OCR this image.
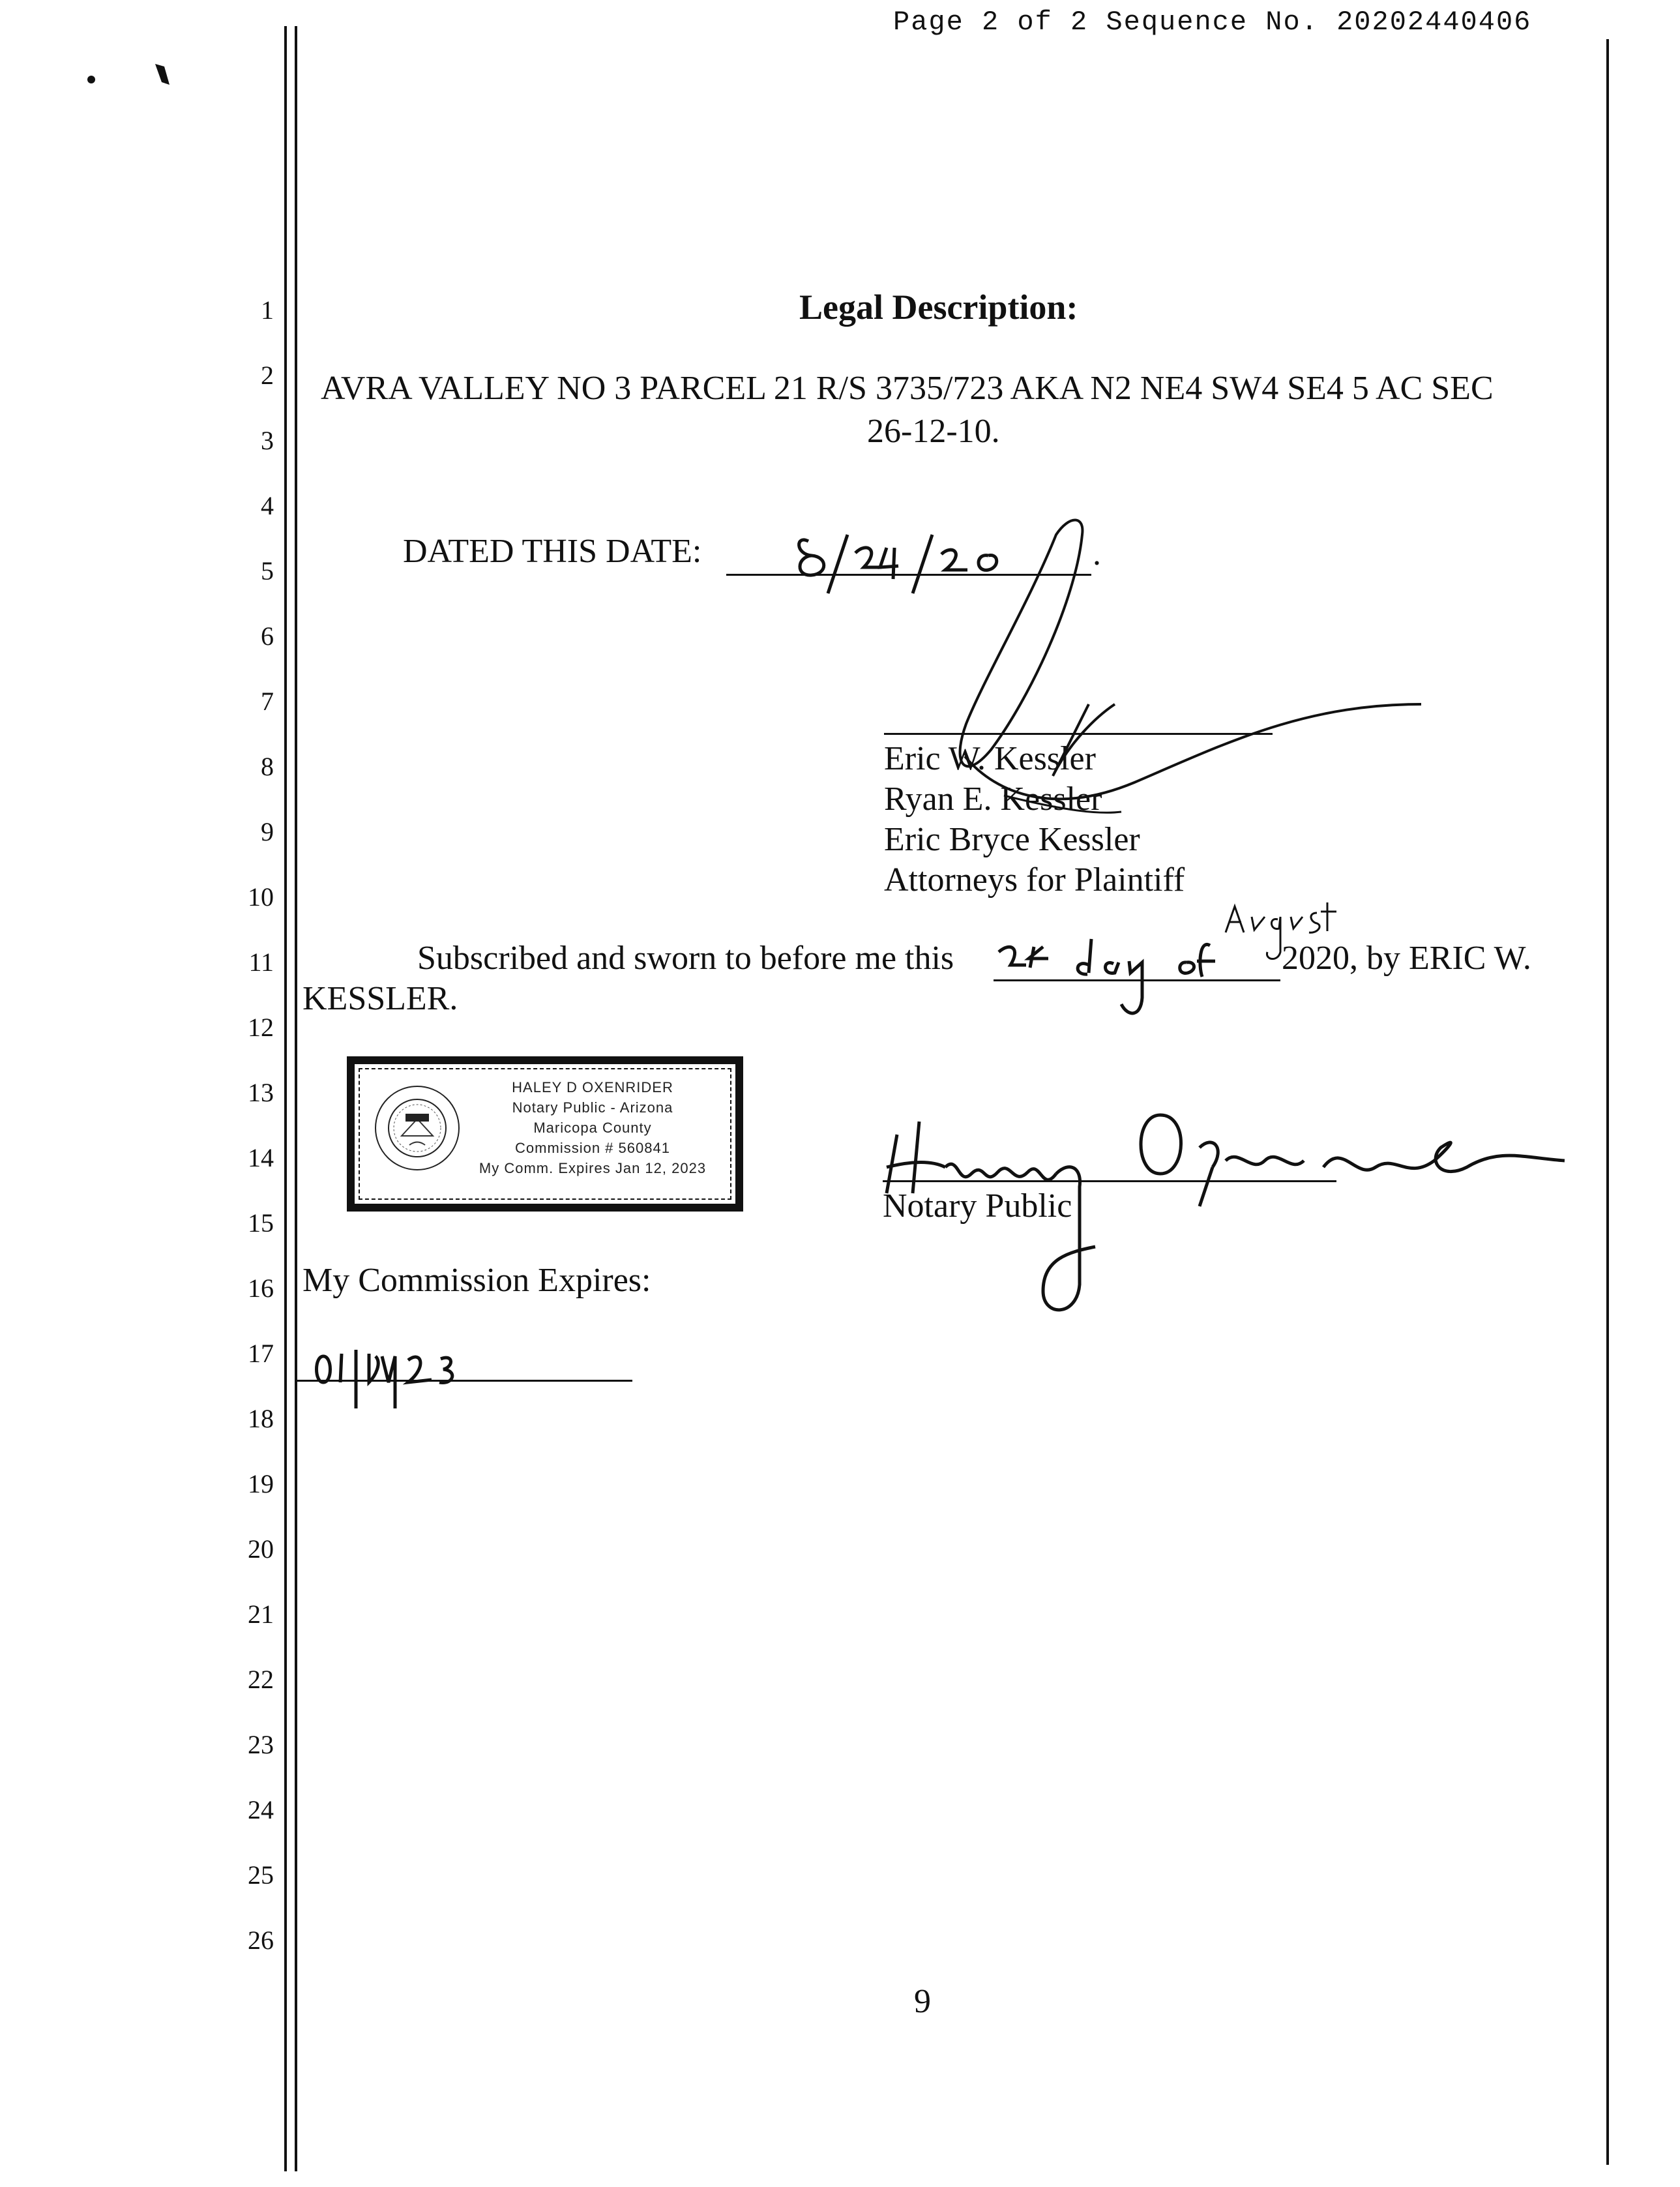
Page 2 of 2 Sequence No. 20202440406
1
2
3
4
5
6
7
8
9
10
11
12
13
14
15
16
17
18
19
20
21
22
23
24
25
26
Legal Description:
AVRA VALLEY NO 3 PARCEL 21 R/S 3735/723 AKA N2 NE4 SW4 SE4 5 AC SEC
26-12-10.
DATED THIS DATE:	.
Eric W. Kessler
Ryan E. Kessler
Eric Bryce Kessler
Attorneys for Plaintiff
Subscribed and sworn to before me this	2020, by ERIC W.
KESSLER.
HALEY D OXENRIDER
Notary Public - Arizona
Maricopa County
Commission # 560841
My Comm. Expires Jan 12, 2023
Notary Public
My Commission Expires:
9
